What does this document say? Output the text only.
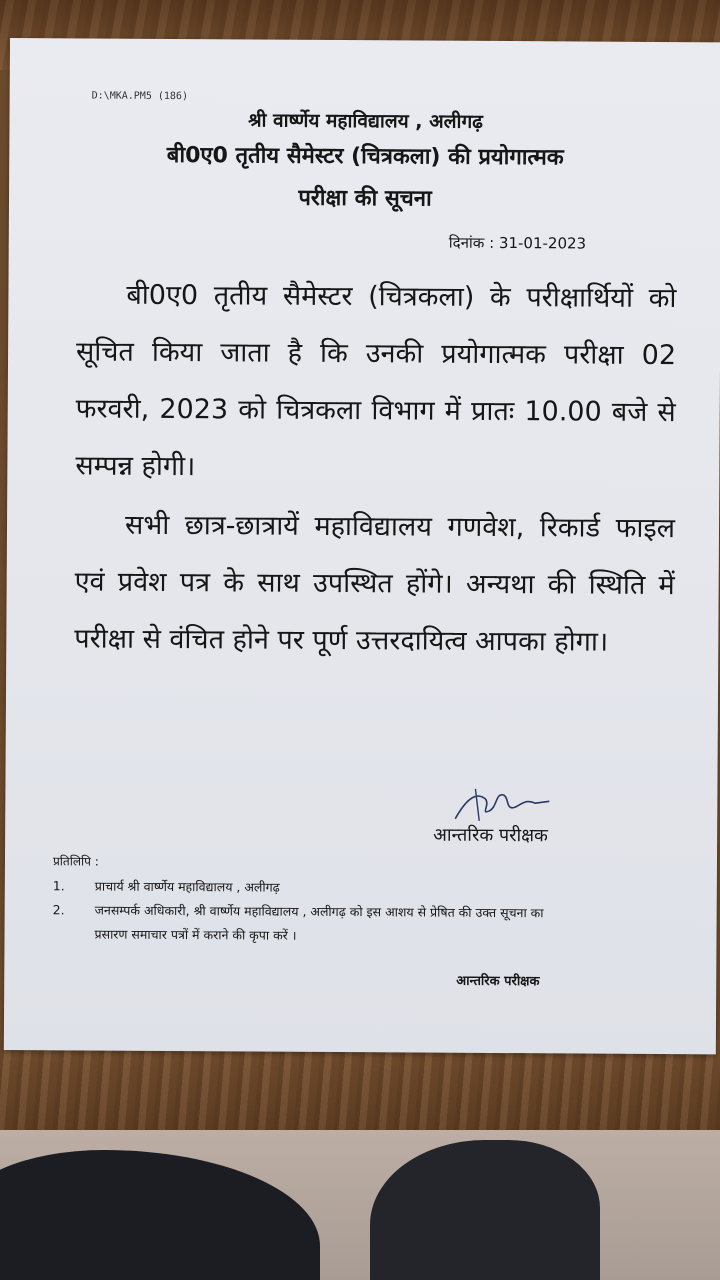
D:\MKA.PM5 (186)
श्री वार्ष्णेय महाविद्यालय , अलीगढ़
बी0ए0 तृतीय सैमेस्टर (चित्रकला) की प्रयोगात्मक
परीक्षा की सूचना
दिनांक : 31-01-2023

बी0ए0 तृतीय सैमेस्टर (चित्रकला) के परीक्षार्थियों को सूचित किया जाता है कि उनकी प्रयोगात्मक परीक्षा 02 फरवरी, 2023 को चित्रकला विभाग में प्रातः 10.00 बजे से सम्पन्न होगी।

सभी छात्र-छात्रायें महाविद्यालय गणवेश, रिकार्ड फाइल एवं प्रवेश पत्र के साथ उपस्थित होंगे। अन्यथा की स्थिति में परीक्षा से वंचित होने पर पूर्ण उत्तरदायित्व आपका होगा।

आन्तरिक परीक्षक
प्रतिलिपि :
1.	प्राचार्य श्री वार्ष्णेय महाविद्यालय , अलीगढ़
2.	जनसम्पर्क अधिकारी, श्री वार्ष्णेय महाविद्यालय , अलीगढ़ को इस आशय से प्रेषित की उक्त सूचना का
प्रसारण समाचार पत्रों में कराने की कृपा करें ।
आन्तरिक परीक्षक
